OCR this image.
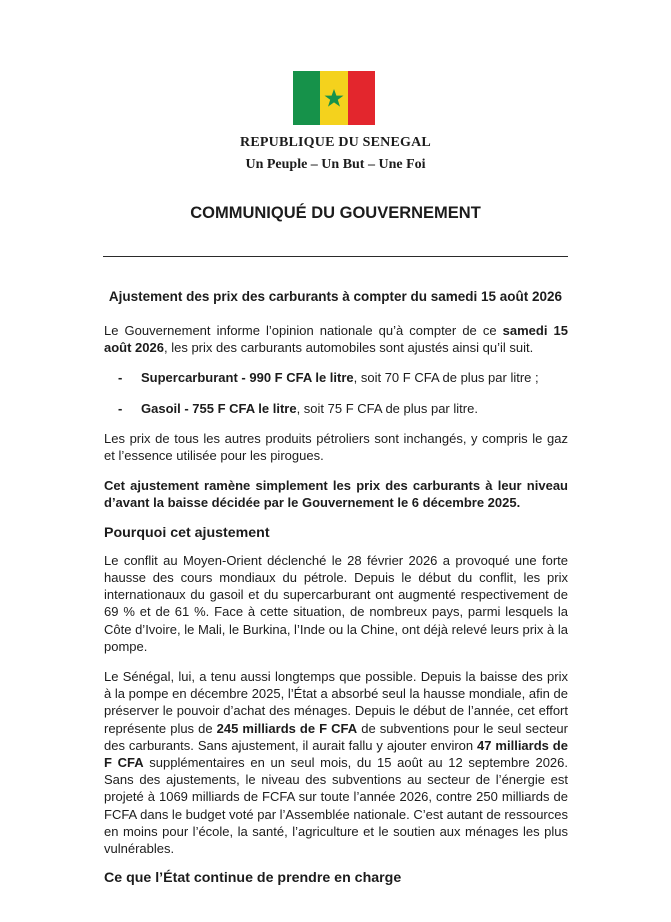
REPUBLIQUE DU SENEGAL
Un Peuple – Un But – Une Foi
COMMUNIQUÉ DU GOUVERNEMENT
Ajustement des prix des carburants à compter du samedi 15 août 2026

Le Gouvernement informe l’opinion nationale qu’à compter de ce samedi 15 août 2026, les prix des carburants automobiles sont ajustés ainsi qu’il suit.

- Supercarburant - 990 F CFA le litre, soit 70 F CFA de plus par litre ;
- Gasoil - 755 F CFA le litre, soit 75 F CFA de plus par litre.

Les prix de tous les autres produits pétroliers sont inchangés, y compris le gaz et l’essence utilisée pour les pirogues.

Cet ajustement ramène simplement les prix des carburants à leur niveau d’avant la baisse décidée par le Gouvernement le 6 décembre 2025.

Pourquoi cet ajustement

Le conflit au Moyen-Orient déclenché le 28 février 2026 a provoqué une forte hausse des cours mondiaux du pétrole. Depuis le début du conflit, les prix internationaux du gasoil et du supercarburant ont augmenté respectivement de 69 % et de 61 %. Face à cette situation, de nombreux pays, parmi lesquels la Côte d’Ivoire, le Mali, le Burkina, l’Inde ou la Chine, ont déjà relevé leurs prix à la pompe.

Le Sénégal, lui, a tenu aussi longtemps que possible. Depuis la baisse des prix à la pompe en décembre 2025, l’État a absorbé seul la hausse mondiale, afin de préserver le pouvoir d’achat des ménages. Depuis le début de l’année, cet effort représente plus de 245 milliards de F CFA de subventions pour le seul secteur des carburants. Sans ajustement, il aurait fallu y ajouter environ 47 milliards de F CFA supplémentaires en un seul mois, du 15 août au 12 septembre 2026. Sans des ajustements, le niveau des subventions au secteur de l’énergie est projeté à 1069 milliards de FCFA sur toute l’année 2026, contre 250 milliards de FCFA dans le budget voté par l’Assemblée nationale. C’est autant de ressources en moins pour l’école, la santé, l’agriculture et le soutien aux ménages les plus vulnérables.

Ce que l’État continue de prendre en charge
